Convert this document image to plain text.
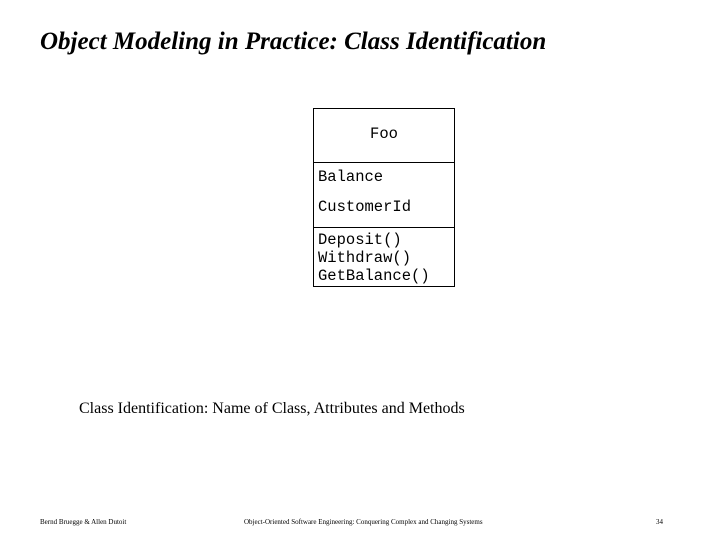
Object Modeling in Practice: Class Identification
Foo
Balance
CustomerId
Deposit()
Withdraw()
GetBalance()
Class Identification: Name of Class, Attributes and Methods
Bernd Bruegge & Allen Dutoit	Object-Oriented Software Engineering: Conquering Complex and Changing Systems	34
